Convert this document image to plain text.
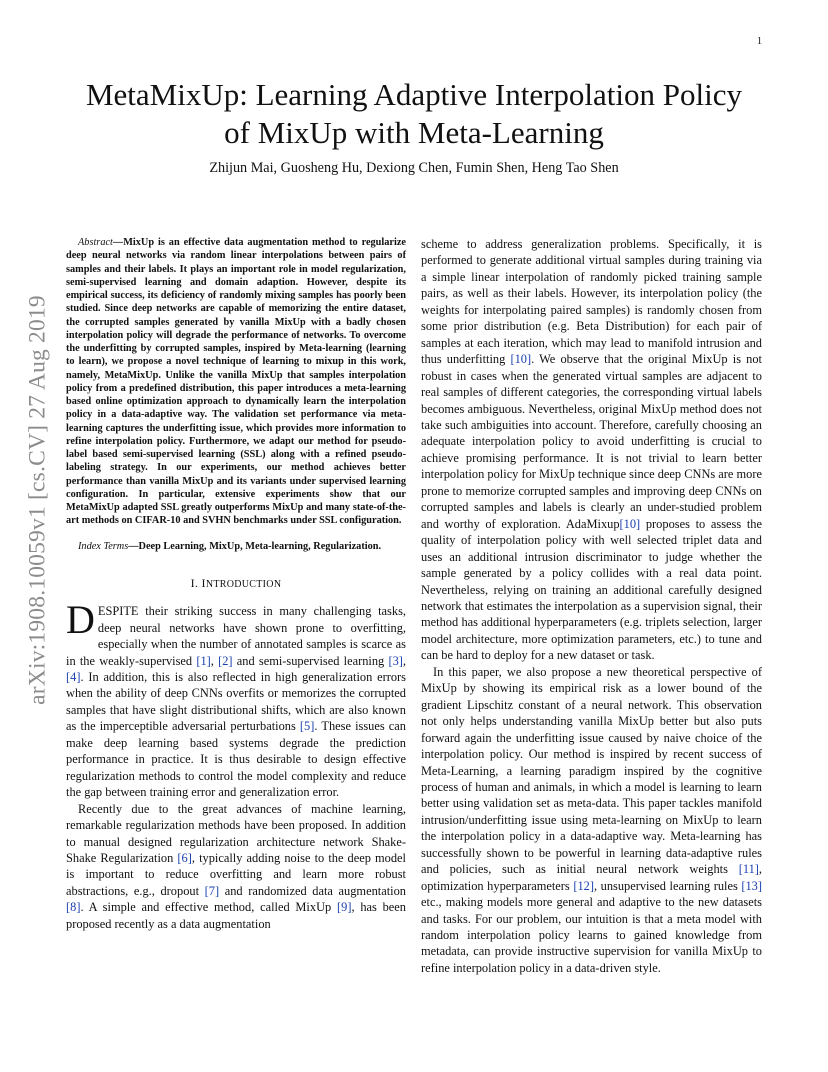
1
arXiv:1908.10059v1 [cs.CV] 27 Aug 2019
MetaMixUp: Learning Adaptive Interpolation Policy
of MixUp with Meta-Learning
Zhijun Mai, Guosheng Hu, Dexiong Chen, Fumin Shen, Heng Tao Shen

Abstract—MixUp is an effective data augmentation method to regularize deep neural networks via random linear interpolations between pairs of samples and their labels. It plays an important role in model regularization, semi-supervised learning and domain adaption. However, despite its empirical success, its deficiency of randomly mixing samples has poorly been studied. Since deep networks are capable of memorizing the entire dataset, the corrupted samples generated by vanilla MixUp with a badly chosen interpolation policy will degrade the performance of networks. To overcome the underfitting by corrupted samples, inspired by Meta-learning (learning to learn), we propose a novel technique of learning to mixup in this work, namely, MetaMixUp. Unlike the vanilla MixUp that samples interpolation policy from a predefined distribution, this paper introduces a meta-learning based online optimization approach to dynamically learn the interpolation policy in a data-adaptive way. The validation set performance via meta-learning captures the underfitting issue, which provides more information to refine interpolation policy. Furthermore, we adapt our method for pseudo-label based semi-supervised learning (SSL) along with a refined pseudo-labeling strategy. In our experiments, our method achieves better performance than vanilla MixUp and its variants under supervised learning configuration. In particular, extensive experiments show that our MetaMixUp adapted SSL greatly outperforms MixUp and many state-of-the-art methods on CIFAR-10 and SVHN benchmarks under SSL configuration.

Index Terms—Deep Learning, MixUp, Meta-learning, Regularization.

I. INTRODUCTION

DESPITE their striking success in many challenging tasks, deep neural networks have shown prone to overfitting, especially when the number of annotated samples is scarce as in the weakly-supervised [1], [2] and semi-supervised learning [3], [4]. In addition, this is also reflected in high generalization errors when the ability of deep CNNs overfits or memorizes the corrupted samples that have slight distributional shifts, which are also known as the imperceptible adversarial perturbations [5]. These issues can make deep learning based systems degrade the prediction performance in practice. It is thus desirable to design effective regularization methods to control the model complexity and reduce the gap between training error and generalization error.

Recently due to the great advances of machine learning, remarkable regularization methods have been proposed. In addition to manual designed regularization architecture network Shake-Shake Regularization [6], typically adding noise to the deep model is important to reduce overfitting and learn more robust abstractions, e.g., dropout [7] and randomized data augmentation [8]. A simple and effective method, called MixUp [9], has been proposed recently as a data augmentation

scheme to address generalization problems. Specifically, it is performed to generate additional virtual samples during training via a simple linear interpolation of randomly picked training sample pairs, as well as their labels. However, its interpolation policy (the weights for interpolating paired samples) is randomly chosen from some prior distribution (e.g. Beta Distribution) for each pair of samples at each iteration, which may lead to manifold intrusion and thus underfitting [10]. We observe that the original MixUp is not robust in cases when the generated virtual samples are adjacent to real samples of different categories, the corresponding virtual labels becomes ambiguous. Nevertheless, original MixUp method does not take such ambiguities into account. Therefore, carefully choosing an adequate interpolation policy to avoid underfitting is crucial to achieve promising performance. It is not trivial to learn better interpolation policy for MixUp technique since deep CNNs are more prone to memorize corrupted samples and improving deep CNNs on corrupted samples and labels is clearly an under-studied problem and worthy of exploration. AdaMixup[10] proposes to assess the quality of interpolation policy with well selected triplet data and uses an additional intrusion discriminator to judge whether the sample generated by a policy collides with a real data point. Nevertheless, relying on training an additional carefully designed network that estimates the interpolation as a supervision signal, their method has additional hyperparameters (e.g. triplets selection, larger model architecture, more optimization parameters, etc.) to tune and can be hard to deploy for a new dataset or task.

In this paper, we also propose a new theoretical perspective of MixUp by showing its empirical risk as a lower bound of the gradient Lipschitz constant of a neural network. This observation not only helps understanding vanilla MixUp better but also puts forward again the underfitting issue caused by naive choice of the interpolation policy. Our method is inspired by recent success of Meta-Learning, a learning paradigm inspired by the cognitive process of human and animals, in which a model is learning to learn better using validation set as meta-data. This paper tackles manifold intrusion/underfitting issue using meta-learning on MixUp to learn the interpolation policy in a data-adaptive way. Meta-learning has successfully shown to be powerful in learning data-adaptive rules and policies, such as initial neural network weights [11], optimization hyperparameters [12], unsupervised learning rules [13] etc., making models more general and adaptive to the new datasets and tasks. For our problem, our intuition is that a meta model with random interpolation policy learns to gained knowledge from metadata, can provide instructive supervision for vanilla MixUp to refine interpolation policy in a data-driven style.
